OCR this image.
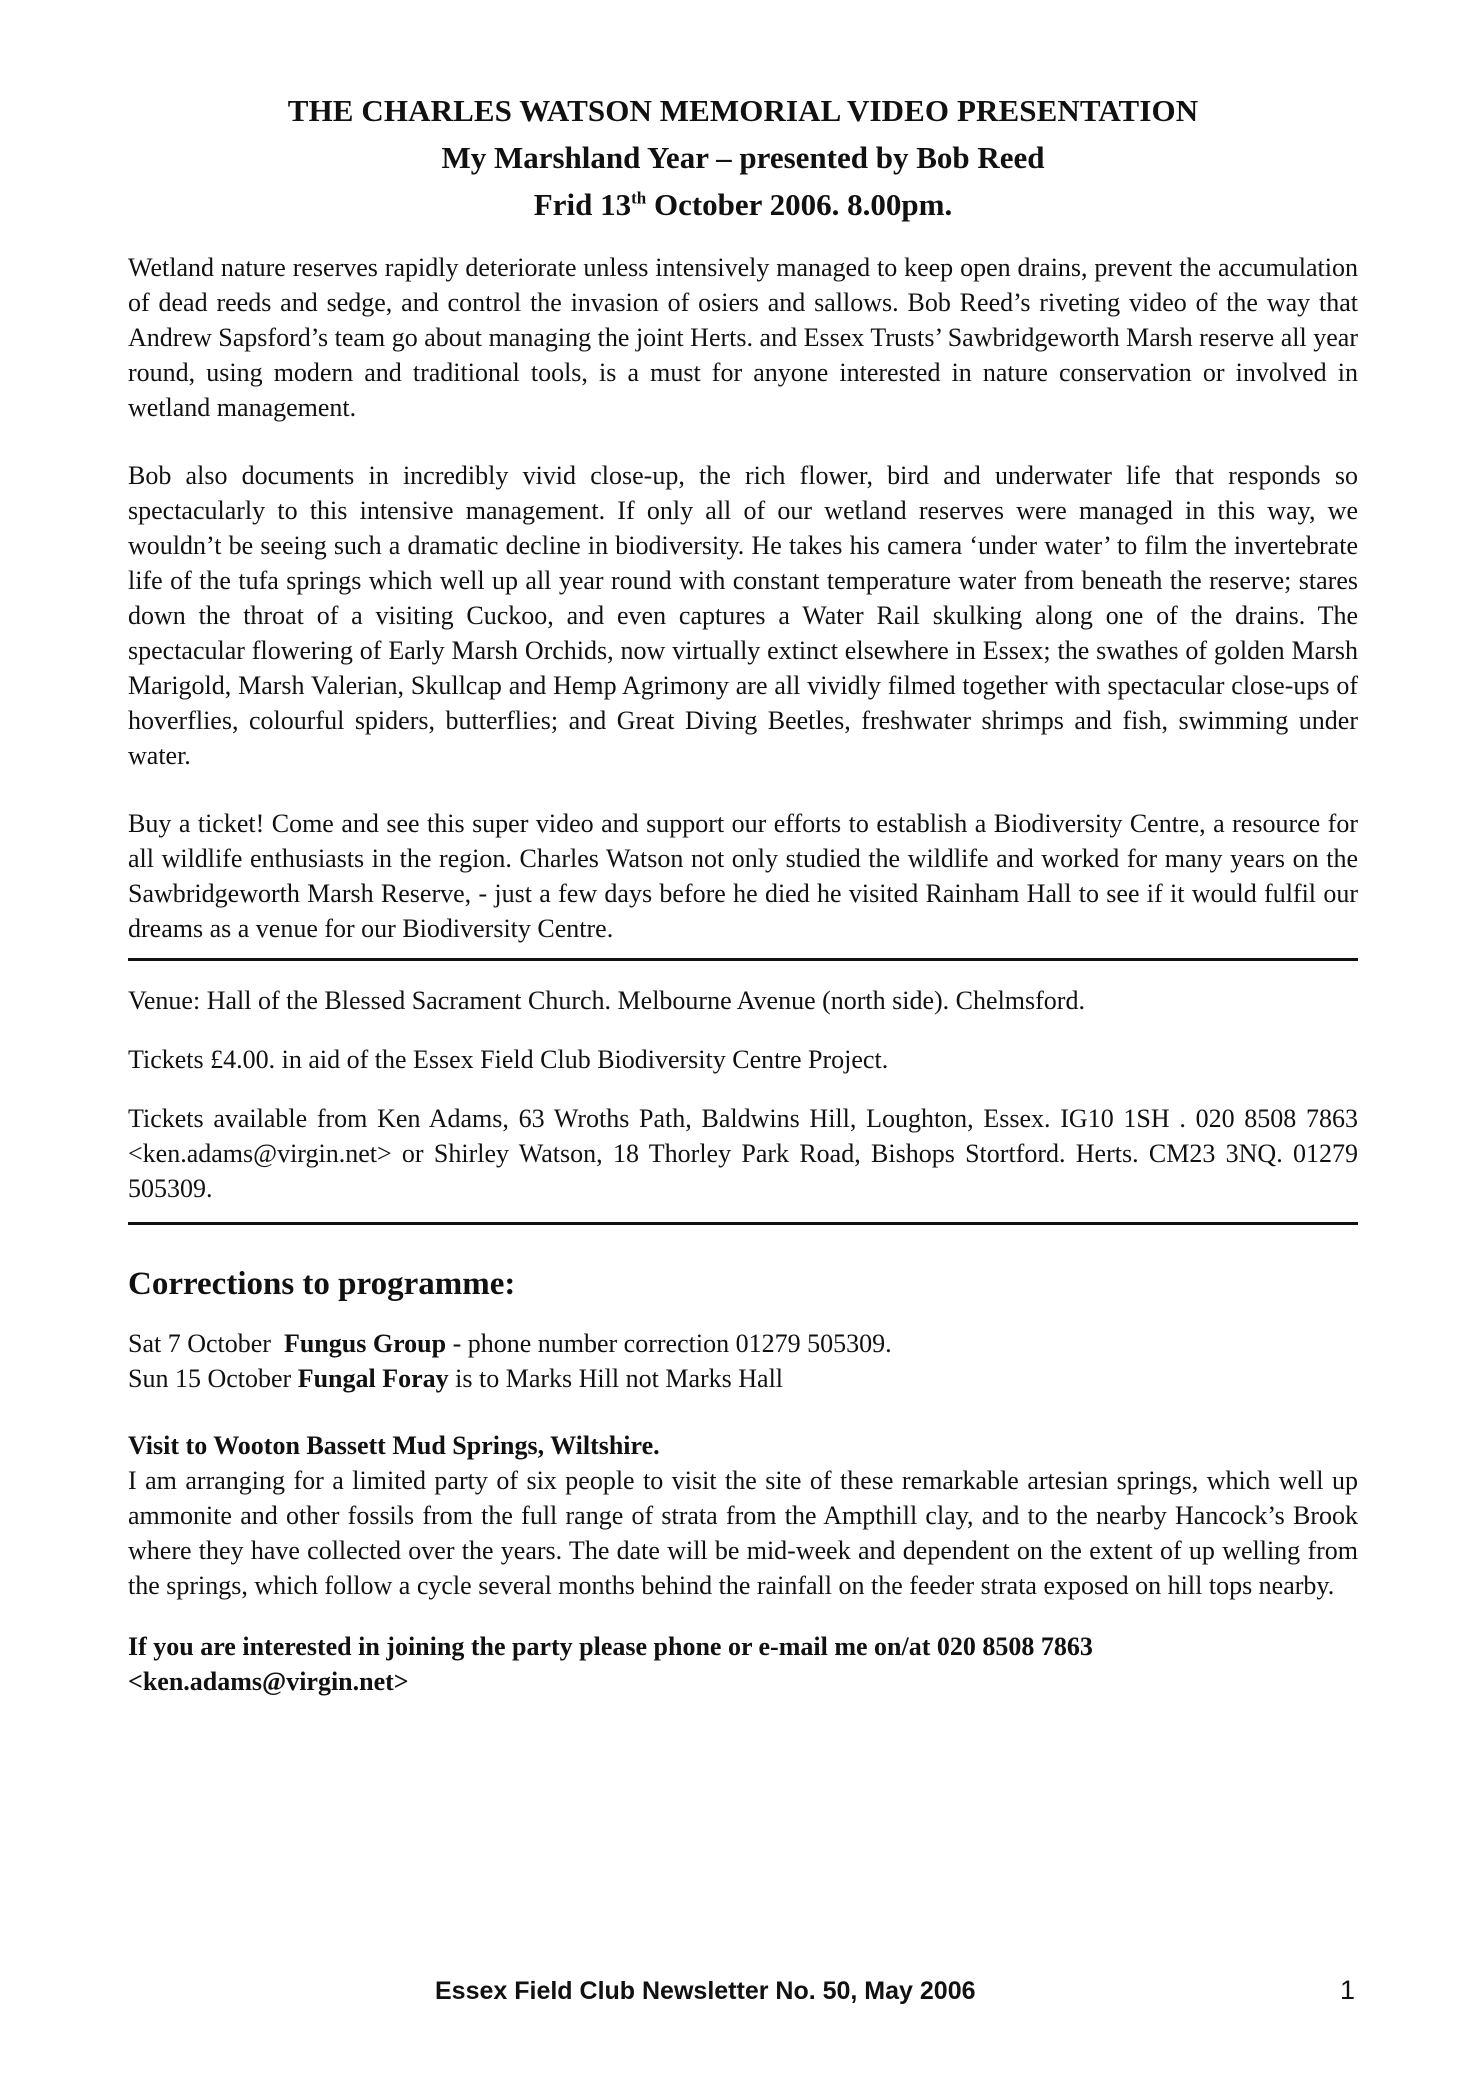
THE CHARLES WATSON MEMORIAL VIDEO PRESENTATION
My Marshland Year – presented by Bob Reed
Frid 13th October 2006. 8.00pm.

Wetland nature reserves rapidly deteriorate unless intensively managed to keep open drains, prevent the accumulation of dead reeds and sedge, and control the invasion of osiers and sallows. Bob Reed’s riveting video of the way that Andrew Sapsford’s team go about managing the joint Herts. and Essex Trusts’ Sawbridgeworth Marsh reserve all year round, using modern and traditional tools, is a must for anyone interested in nature conservation or involved in wetland management.

Bob also documents in incredibly vivid close-up, the rich flower, bird and underwater life that responds so spectacularly to this intensive management. If only all of our wetland reserves were managed in this way, we wouldn’t be seeing such a dramatic decline in biodiversity. He takes his camera ‘under water’ to film the invertebrate life of the tufa springs which well up all year round with constant temperature water from beneath the reserve; stares down the throat of a visiting Cuckoo, and even captures a Water Rail skulking along one of the drains. The spectacular flowering of Early Marsh Orchids, now virtually extinct elsewhere in Essex; the swathes of golden Marsh Marigold, Marsh Valerian, Skullcap and Hemp Agrimony are all vividly filmed together with spectacular close-ups of hoverflies, colourful spiders, butterflies; and Great Diving Beetles, freshwater shrimps and fish, swimming under water.

Buy a ticket! Come and see this super video and support our efforts to establish a Biodiversity Centre, a resource for all wildlife enthusiasts in the region. Charles Watson not only studied the wildlife and worked for many years on the Sawbridgeworth Marsh Reserve, - just a few days before he died he visited Rainham Hall to see if it would fulfil our dreams as a venue for our Biodiversity Centre.

Venue: Hall of the Blessed Sacrament Church. Melbourne Avenue (north side). Chelmsford.

Tickets £4.00. in aid of the Essex Field Club Biodiversity Centre Project.

Tickets available from Ken Adams, 63 Wroths Path, Baldwins Hill, Loughton, Essex. IG10 1SH . 020 8508 7863 <ken.adams@virgin.net> or Shirley Watson, 18 Thorley Park Road, Bishops Stortford. Herts. CM23 3NQ. 01279 505309.

Corrections to programme:
Sat 7 October  Fungus Group - phone number correction 01279 505309.
Sun 15 October Fungal Foray is to Marks Hill not Marks Hall
Visit to Wooton Bassett Mud Springs, Wiltshire.

I am arranging for a limited party of six people to visit the site of these remarkable artesian springs, which well up ammonite and other fossils from the full range of strata from the Ampthill clay, and to the nearby Hancock’s Brook where they have collected over the years. The date will be mid-week and dependent on the extent of up welling from the springs, which follow a cycle several months behind the rainfall on the feeder strata exposed on hill tops nearby.

If you are interested in joining the party please phone or e-mail me on/at 020 8508 7863
<ken.adams@virgin.net>
Essex Field Club Newsletter No. 50, May 2006	1
